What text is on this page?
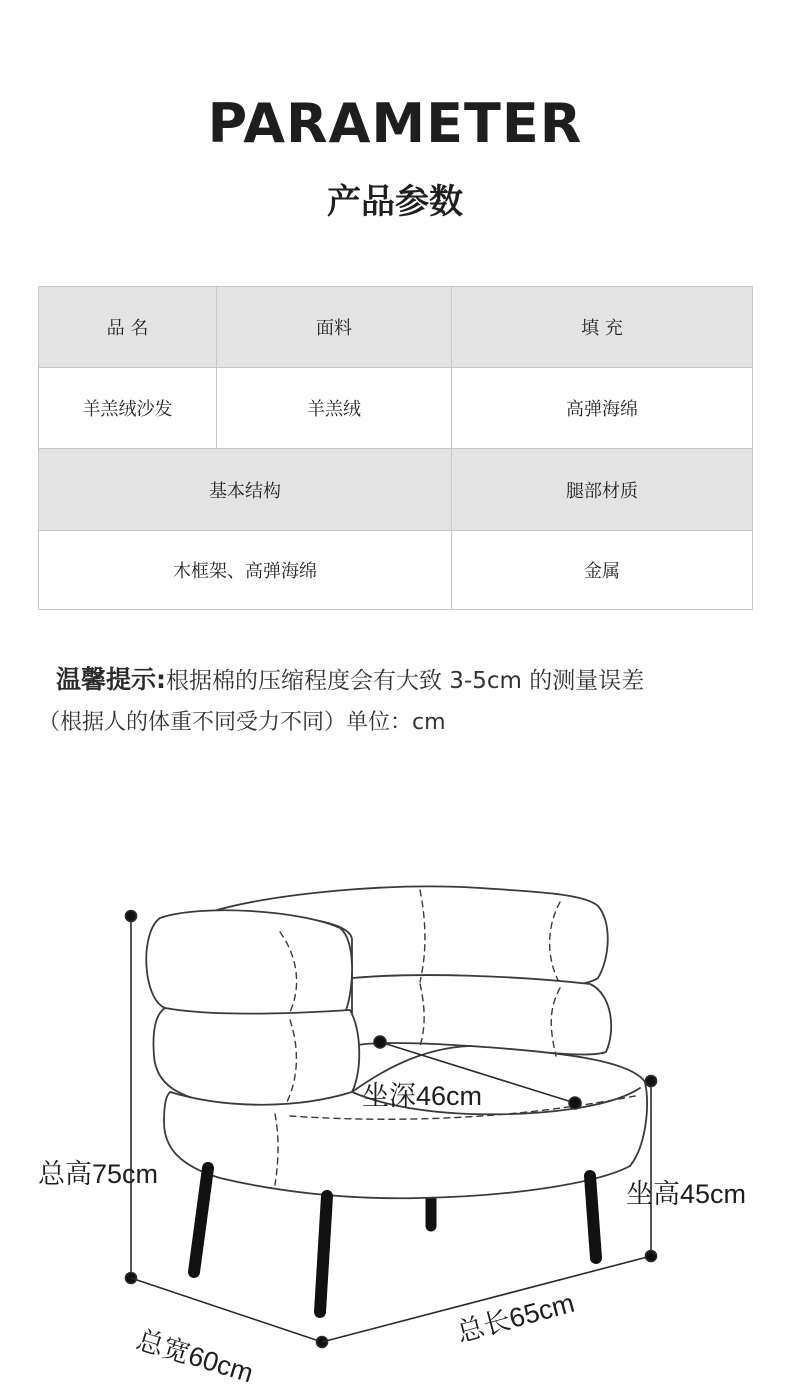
PARAMETER
产品参数
品 名	面料	填 充
羊羔绒沙发	羊羔绒	高弹海绵
基本结构		腿部材质
木框架、高弹海绵		金属
温馨提示:根据棉的压缩程度会有大致 3-5cm 的测量误差
（根据人的体重不同受力不同）单位：cm
坐深46cm
总高75cm
坐高45cm
总宽60cm
总长65cm
